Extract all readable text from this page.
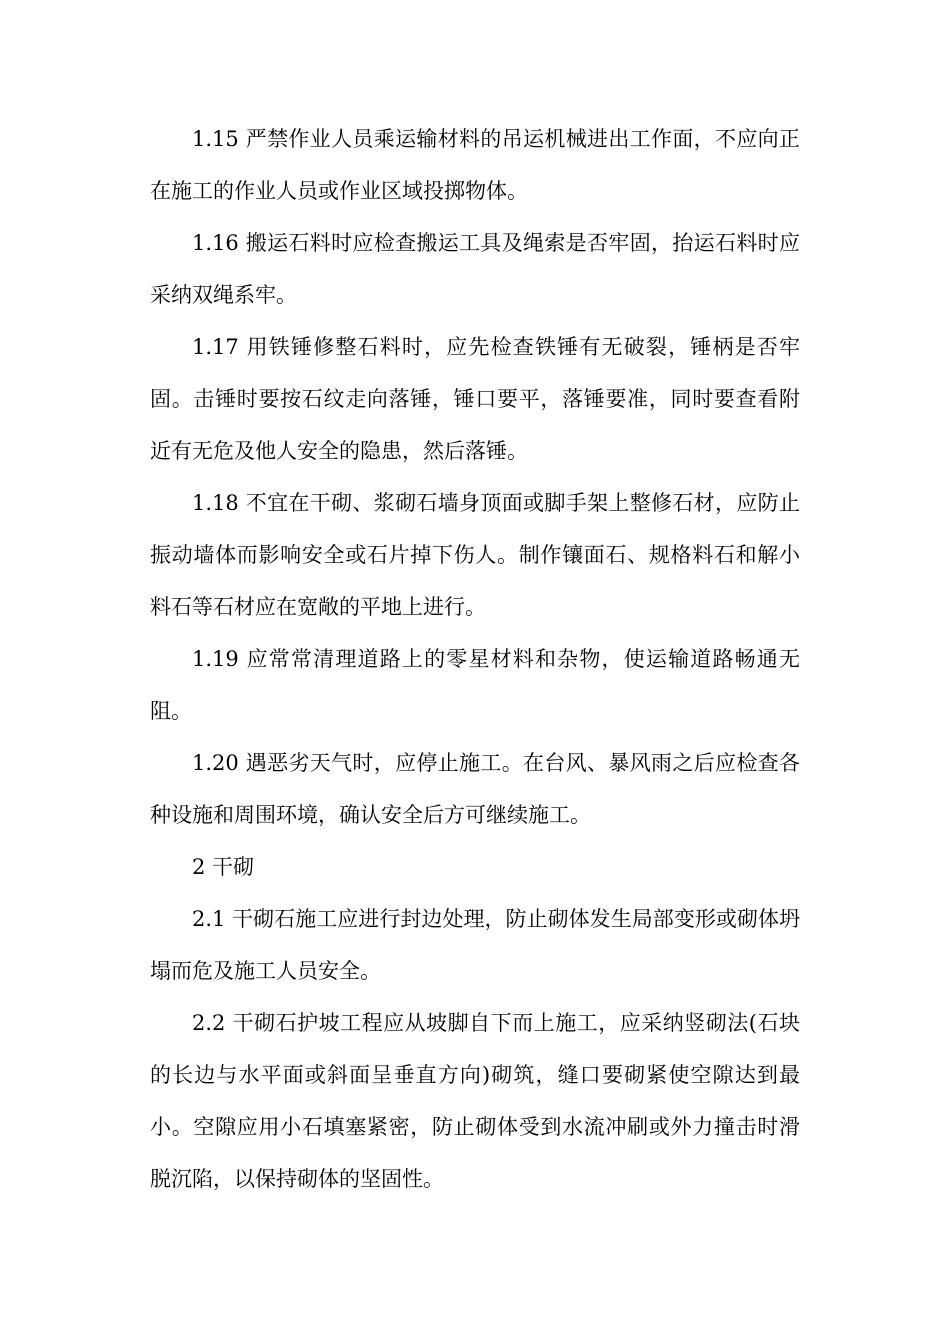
1.15 严禁作业人员乘运输材料的吊运机械进出工作面，不应向正在施工的作业人员或作业区域投掷物体。

1.16 搬运石料时应检查搬运工具及绳索是否牢固，抬运石料时应采纳双绳系牢。

1.17 用铁锤修整石料时，应先检查铁锤有无破裂，锤柄是否牢固。击锤时要按石纹走向落锤，锤口要平，落锤要准，同时要查看附近有无危及他人安全的隐患，然后落锤。

1.18 不宜在干砌、浆砌石墙身顶面或脚手架上整修石材，应防止振动墙体而影响安全或石片掉下伤人。制作镶面石、规格料石和解小料石等石材应在宽敞的平地上进行。

1.19 应常常清理道路上的零星材料和杂物，使运输道路畅通无阻。

1.20 遇恶劣天气时，应停止施工。在台风、暴风雨之后应检查各种设施和周围环境，确认安全后方可继续施工。

2 干砌

2.1 干砌石施工应进行封边处理，防止砌体发生局部变形或砌体坍塌而危及施工人员安全。

2.2 干砌石护坡工程应从坡脚自下而上施工，应采纳竖砌法(石块的长边与水平面或斜面呈垂直方向)砌筑，缝口要砌紧使空隙达到最小。空隙应用小石填塞紧密，防止砌体受到水流冲刷或外力撞击时滑脱沉陷，以保持砌体的坚固性。
